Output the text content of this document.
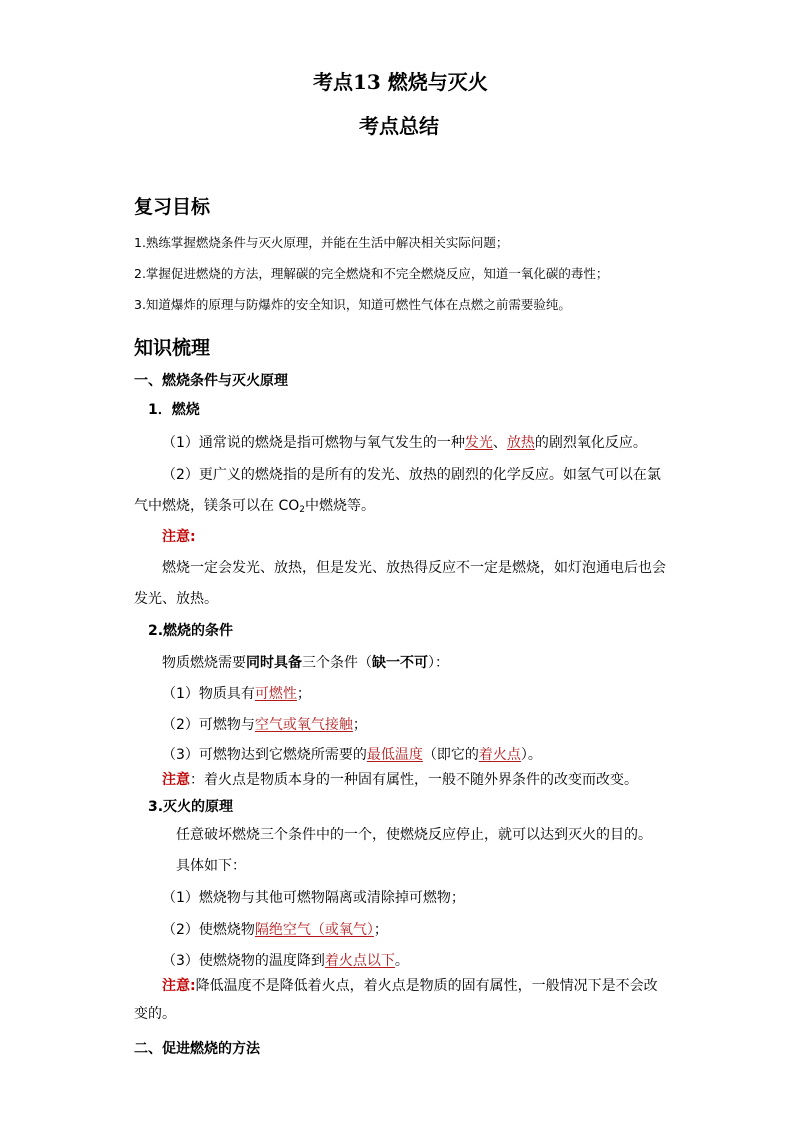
考点13 燃烧与灭火
考点总结
复习目标
1.熟练掌握燃烧条件与灭火原理，并能在生活中解决相关实际问题；
2.掌握促进燃烧的方法，理解碳的完全燃烧和不完全燃烧反应，知道一氧化碳的毒性；
3.知道爆炸的原理与防爆炸的安全知识，知道可燃性气体在点燃之前需要验纯。
知识梳理
一、燃烧条件与灭火原理
1．燃烧
（1）通常说的燃烧是指可燃物与氧气发生的一种发光、放热的剧烈氧化反应。
（2）更广义的燃烧指的是所有的发光、放热的剧烈的化学反应。如氢气可以在氯
气中燃烧，镁条可以在 $CO_2$中燃烧等。
注意:
燃烧一定会发光、放热，但是发光、放热得反应不一定是燃烧，如灯泡通电后也会
发光、放热。
2.燃烧的条件
物质燃烧需要同时具备三个条件（缺一不可）：
（1）物质具有可燃性；
（2）可燃物与空气或氧气接触；
（3）可燃物达到它燃烧所需要的最低温度（即它的着火点）。
注意：着火点是物质本身的一种固有属性，一般不随外界条件的改变而改变。
3.灭火的原理
任意破坏燃烧三个条件中的一个，使燃烧反应停止，就可以达到灭火的目的。
具体如下：
（1）燃烧物与其他可燃物隔离或清除掉可燃物；
（2）使燃烧物隔绝空气（或氧气）；
（3）使燃烧物的温度降到着火点以下。
注意:降低温度不是降低着火点，着火点是物质的固有属性，一般情况下是不会改
变的。
二、促进燃烧的方法
